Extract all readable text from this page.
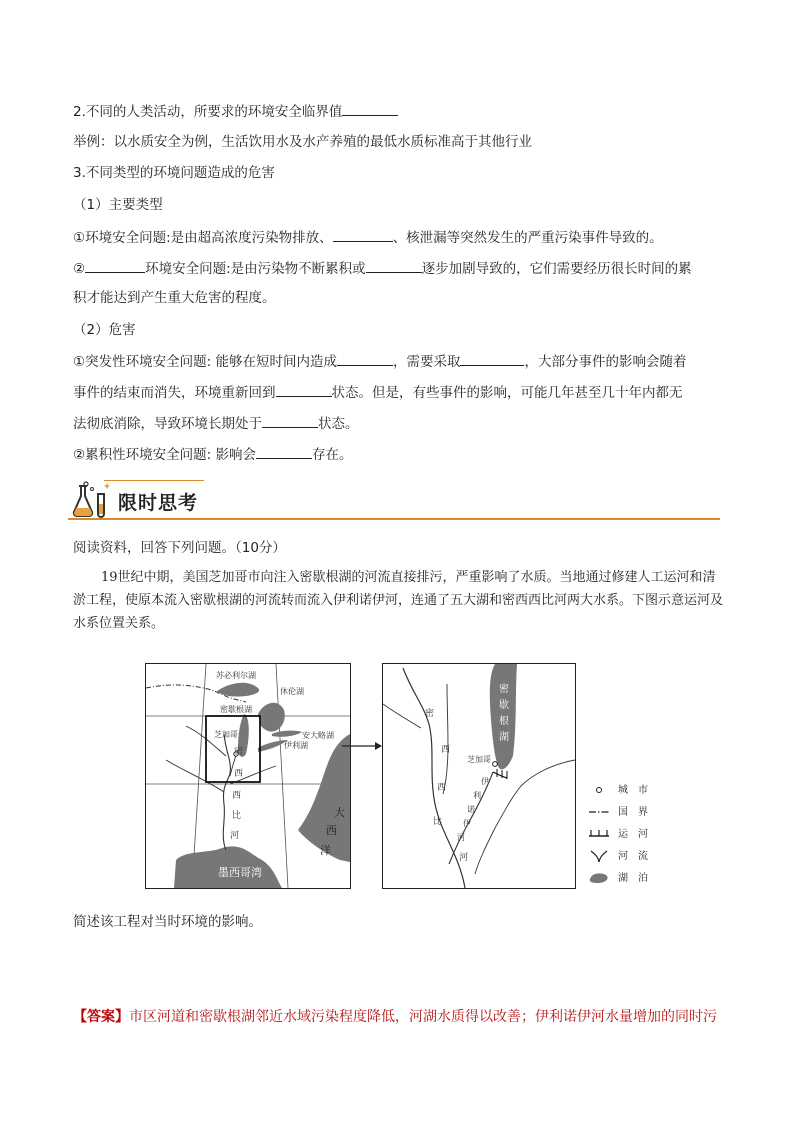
2.不同的人类活动，所要求的环境安全临界值
举例：以水质安全为例，生活饮用水及水产养殖的最低水质标准高于其他行业
3.不同类型的环境问题造成的危害
（1）主要类型
①环境安全问题:是由超高浓度污染物排放、	、核泄漏等突然发生的严重污染事件导致的。
②	环境安全问题:是由污染物不断累积或	逐步加剧导致的，它们需要经历很长时间的累
积才能达到产生重大危害的程度。
（2）危害
①突发性环境安全问题: 能够在短时间内造成	，需要采取	，大部分事件的影响会随着
事件的结束而消失，环境重新回到	状态。但是，有些事件的影响，可能几年甚至几十年内都无
法彻底消除，导致环境长期处于	状态。
②累积性环境安全问题: 影响会	存在。
限时思考
阅读资料，回答下列问题。（10分）
19世纪中期，美国芝加哥市向注入密歇根湖的河流直接排污，严重影响了水质。当地通过修建人工运河和清淤工程，使原本流入密歇根湖的河流转而流入伊利诺伊河，连通了五大湖和密西西比河两大水系。下图示意运河及水系位置关系。
苏必利尔湖
休伦湖
密歇根湖
安大略湖
伊利湖
芝加哥
密
西
西
比
河
大
西
洋
墨西哥湾
密
歇
根
湖
芝加哥
密
西
西
比
河
伊
利
诺
伊
河
城　市
国　界
运　河
河　流
湖　泊
简述该工程对当时环境的影响。
【答案】市区河道和密歇根湖邻近水域污染程度降低，河湖水质得以改善；伊利诺伊河水量增加的同时污
